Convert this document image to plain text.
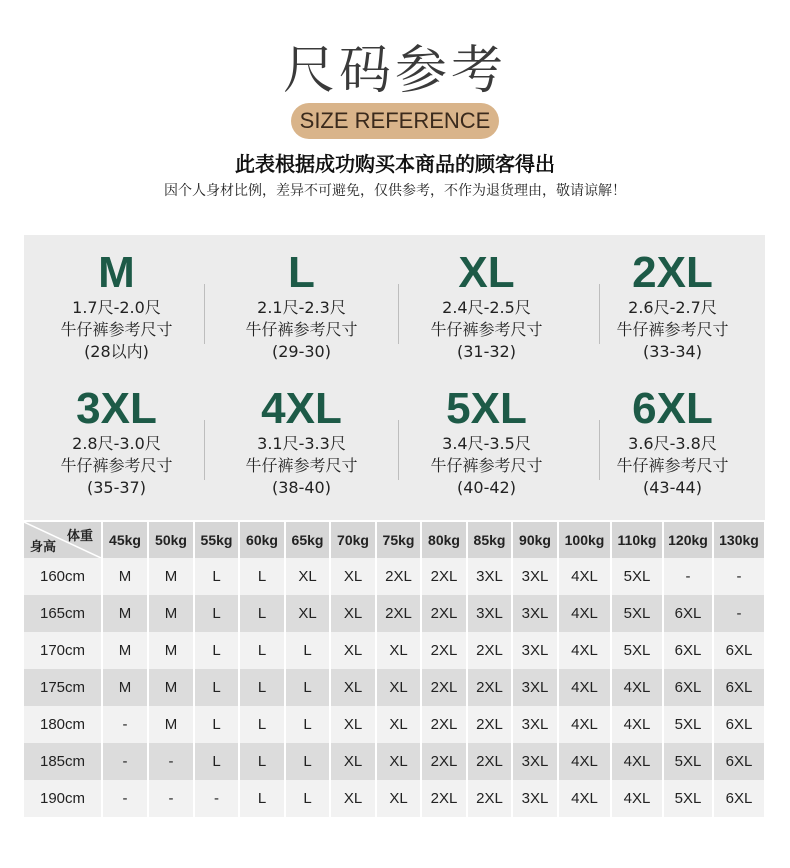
尺码参考
SIZE REFERENCE
此表根据成功购买本商品的顾客得出
因个人身材比例，差异不可避免，仅供参考，不作为退货理由，敬请谅解！
M
1.7尺-2.0尺
牛仔裤参考尺寸
(28以内)
L
2.1尺-2.3尺
牛仔裤参考尺寸
(29-30)
XL
2.4尺-2.5尺
牛仔裤参考尺寸
(31-32)
2XL
2.6尺-2.7尺
牛仔裤参考尺寸
(33-34)
3XL
2.8尺-3.0尺
牛仔裤参考尺寸
(35-37)
4XL
3.1尺-3.3尺
牛仔裤参考尺寸
(38-40)
5XL
3.4尺-3.5尺
牛仔裤参考尺寸
(40-42)
6XL
3.6尺-3.8尺
牛仔裤参考尺寸
(43-44)
体重
身高	45kg	50kg	55kg	60kg	65kg	70kg	75kg	80kg	85kg	90kg	100kg	110kg	120kg	130kg
160cm	M	M	L	L	XL	XL	2XL	2XL	3XL	3XL	4XL	5XL	-	-
165cm	M	M	L	L	XL	XL	2XL	2XL	3XL	3XL	4XL	5XL	6XL	-
170cm	M	M	L	L	L	XL	XL	2XL	2XL	3XL	4XL	5XL	6XL	6XL
175cm	M	M	L	L	L	XL	XL	2XL	2XL	3XL	4XL	4XL	6XL	6XL
180cm	-	M	L	L	L	XL	XL	2XL	2XL	3XL	4XL	4XL	5XL	6XL
185cm	-	-	L	L	L	XL	XL	2XL	2XL	3XL	4XL	4XL	5XL	6XL
190cm	-	-	-	L	L	XL	XL	2XL	2XL	3XL	4XL	4XL	5XL	6XL
